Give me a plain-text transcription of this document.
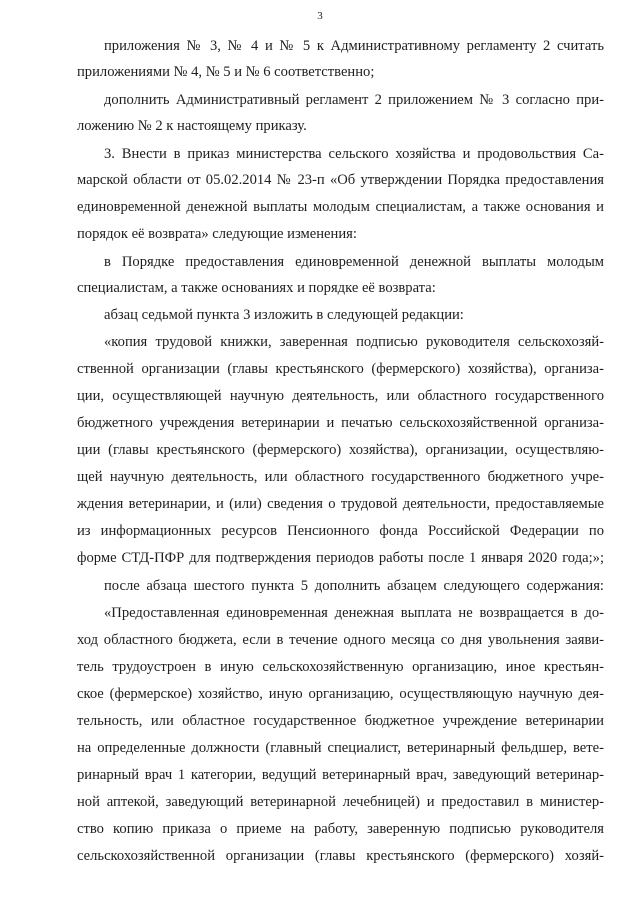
3
приложения № 3, № 4 и № 5 к Административному регламенту 2 считать
приложениями № 4, № 5 и № 6 соответственно;
дополнить Административный регламент 2 приложением № 3 согласно при-
ложению № 2 к настоящему приказу.
3. Внести в приказ министерства сельского хозяйства и продовольствия Са-
марской области от 05.02.2014 № 23-п «Об утверждении Порядка предоставления
единовременной денежной выплаты молодым специалистам, а также основания и
порядок её возврата» следующие изменения:
в Порядке предоставления единовременной денежной выплаты молодым
специалистам, а также основаниях и порядке её возврата:
абзац седьмой пункта 3 изложить в следующей редакции:
«копия трудовой книжки, заверенная подписью руководителя сельскохозяй-
ственной организации (главы крестьянского (фермерского) хозяйства), организа-
ции, осуществляющей научную деятельность, или областного государственного
бюджетного учреждения ветеринарии и печатью сельскохозяйственной организа-
ции (главы крестьянского (фермерского) хозяйства), организации, осуществляю-
щей научную деятельность, или областного государственного бюджетного учре-
ждения ветеринарии, и (или) сведения о трудовой деятельности, предоставляемые
из информационных ресурсов Пенсионного фонда Российской Федерации по
форме СТД-ПФР для подтверждения периодов работы после 1 января 2020 года;»;
после абзаца шестого пункта 5 дополнить абзацем следующего содержания:
«Предоставленная единовременная денежная выплата не возвращается в до-
ход областного бюджета, если в течение одного месяца со дня увольнения заяви-
тель трудоустроен в иную сельскохозяйственную организацию, иное крестьян-
ское (фермерское) хозяйство, иную организацию, осуществляющую научную дея-
тельность, или областное государственное бюджетное учреждение ветеринарии
на определенные должности (главный специалист, ветеринарный фельдшер, вете-
ринарный врач 1 категории, ведущий ветеринарный врач, заведующий ветеринар-
ной аптекой, заведующий ветеринарной лечебницей) и предоставил в министер-
ство копию приказа о приеме на работу, заверенную подписью руководителя
сельскохозяйственной организации (главы крестьянского (фермерского) хозяй-
